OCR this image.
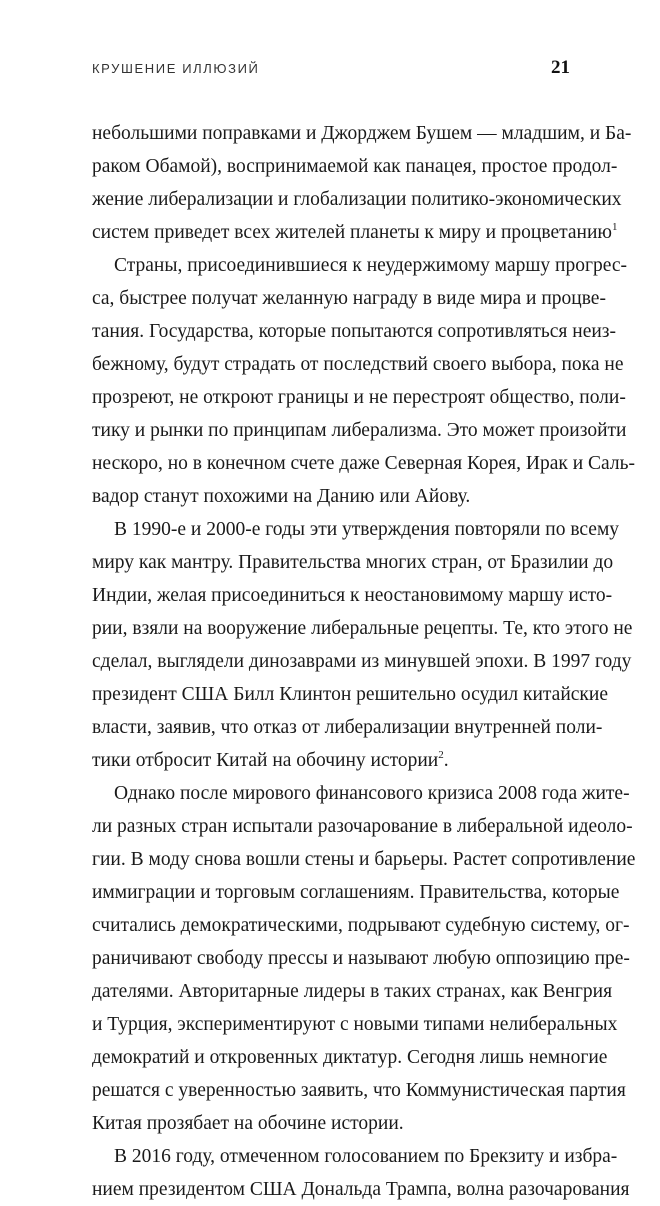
КРУШЕНИЕ ИЛЛЮЗИЙ	21
небольшими поправками и Джорджем Бушем — младшим, и Ба-
раком Обамой), воспринимаемой как панацея, простое продол-
жение либерализации и глобализации политико-экономических
систем приведет всех жителей планеты к миру и процветанию$^1$
Страны, присоединившиеся к неудержимому маршу прогрес-
са, быстрее получат желанную награду в виде мира и процве-
тания. Государства, которые попытаются сопротивляться неиз-
бежному, будут страдать от последствий своего выбора, пока не
прозреют, не откроют границы и не перестроят общество, поли-
тику и рынки по принципам либерализма. Это может произойти
нескоро, но в конечном счете даже Северная Корея, Ирак и Саль-
вадор станут похожими на Данию или Айову.
В 1990-е и 2000-е годы эти утверждения повторяли по всему
миру как мантру. Правительства многих стран, от Бразилии до
Индии, желая присоединиться к неостановимому маршу исто-
рии, взяли на вооружение либеральные рецепты. Те, кто этого не
сделал, выглядели динозаврами из минувшей эпохи. В 1997 году
президент США Билл Клинтон решительно осудил китайские
власти, заявив, что отказ от либерализации внутренней поли-
тики отбросит Китай на обочину истории$^2$.
Однако после мирового финансового кризиса 2008 года жите-
ли разных стран испытали разочарование в либеральной идеоло-
гии. В моду снова вошли стены и барьеры. Растет сопротивление
иммиграции и торговым соглашениям. Правительства, которые
считались демократическими, подрывают судебную систему, ог-
раничивают свободу прессы и называют любую оппозицию пре-
дателями. Авторитарные лидеры в таких странах, как Венгрия
и Турция, экспериментируют с новыми типами нелиберальных
демократий и откровенных диктатур. Сегодня лишь немногие
решатся с уверенностью заявить, что Коммунистическая партия
Китая прозябает на обочине истории.
В 2016 году, отмеченном голосованием по Брекзиту и избра-
нием президентом США Дональда Трампа, волна разочарования
